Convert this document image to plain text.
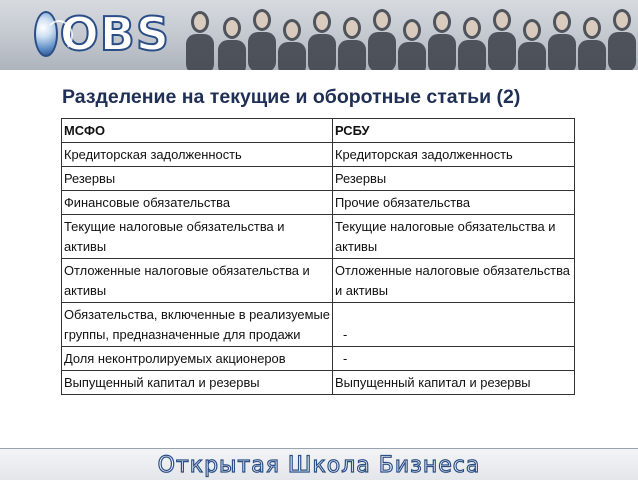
OBS
Разделение на текущие и оборотные статьи (2)
МСФО	РСБУ
Кредиторская задолженность	Кредиторская задолженность
Резервы	Резервы
Финансовые обязательства	Прочие обязательства
Текущие налоговые обязательства и активы	Текущие налоговые обязательства и активы
Отложенные налоговые обязательства и активы	Отложенные налоговые обязательства и активы
Обязательства, включенные в реализуемые группы, предназначенные для продажи	-
Доля неконтролируемых акционеров	-
Выпущенный капитал и резервы	Выпущенный капитал и резервы
Открытая Школа Бизнеса
